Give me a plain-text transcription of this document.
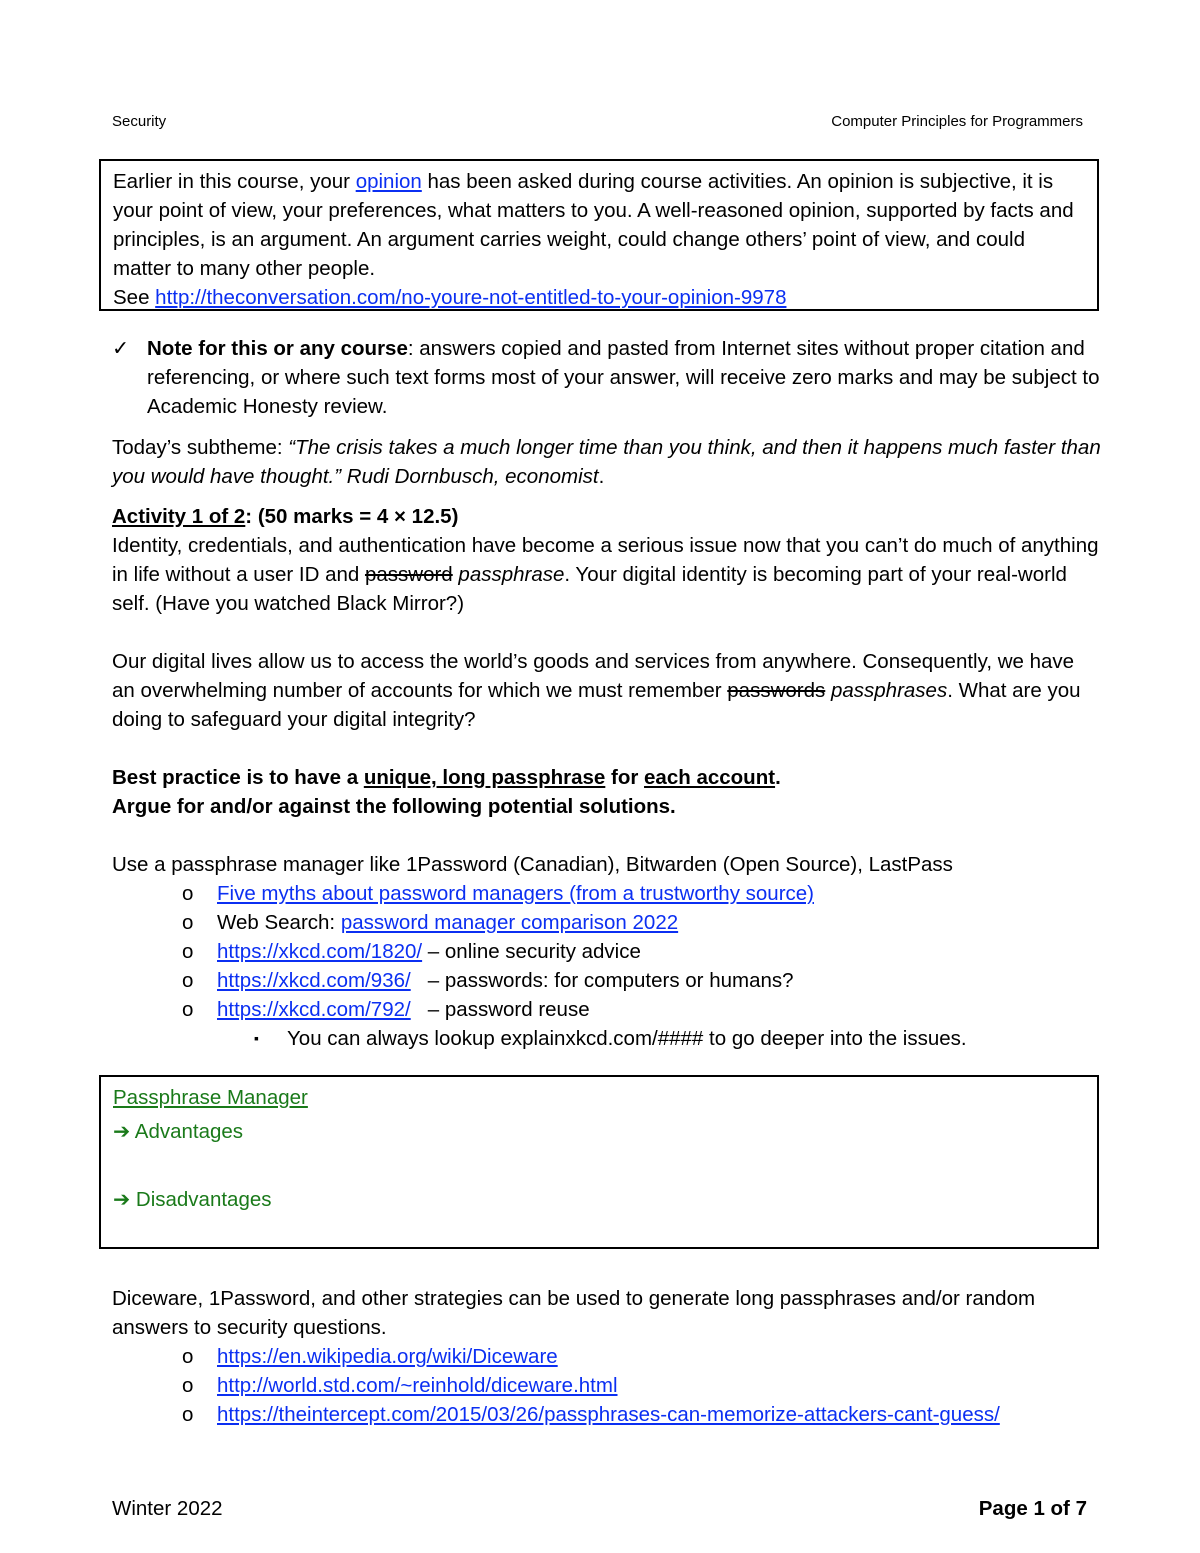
Security	Computer Principles for Programmers
Earlier in this course, your opinion has been asked during course activities. An opinion is subjective, it is your point of view, your preferences, what matters to you. A well-reasoned opinion, supported by facts and principles, is an argument. An argument carries weight, could change others’ point of view, and could matter to many other people.
See http://theconversation.com/no-youre-not-entitled-to-your-opinion-9978
✓ Note for this or any course: answers copied and pasted from Internet sites without proper citation and referencing, or where such text forms most of your answer, will receive zero marks and may be subject to Academic Honesty review.
Today’s subtheme: “The crisis takes a much longer time than you think, and then it happens much faster than you would have thought.” Rudi Dornbusch, economist.
Activity 1 of 2: (50 marks = 4 × 12.5)
Identity, credentials, and authentication have become a serious issue now that you can’t do much of anything in life without a user ID and password passphrase. Your digital identity is becoming part of your real-world self. (Have you watched Black Mirror?)
Our digital lives allow us to access the world’s goods and services from anywhere. Consequently, we have an overwhelming number of accounts for which we must remember passwords passphrases. What are you doing to safeguard your digital integrity?
Best practice is to have a unique, long passphrase for each account.
Argue for and/or against the following potential solutions.
Use a passphrase manager like 1Password (Canadian), Bitwarden (Open Source), LastPass
o Five myths about password managers (from a trustworthy source)
o Web Search: password manager comparison 2022
o https://xkcd.com/1820/ – online security advice
o https://xkcd.com/936/   – passwords: for computers or humans?
o https://xkcd.com/792/   – password reuse
▪ You can always lookup explainxkcd.com/#### to go deeper into the issues.
Passphrase Manager
➔ Advantages
➔ Disadvantages
Diceware, 1Password, and other strategies can be used to generate long passphrases and/or random answers to security questions.
o https://en.wikipedia.org/wiki/Diceware
o http://world.std.com/~reinhold/diceware.html
o https://theintercept.com/2015/03/26/passphrases-can-memorize-attackers-cant-guess/
Winter 2022	Page 1 of 7
